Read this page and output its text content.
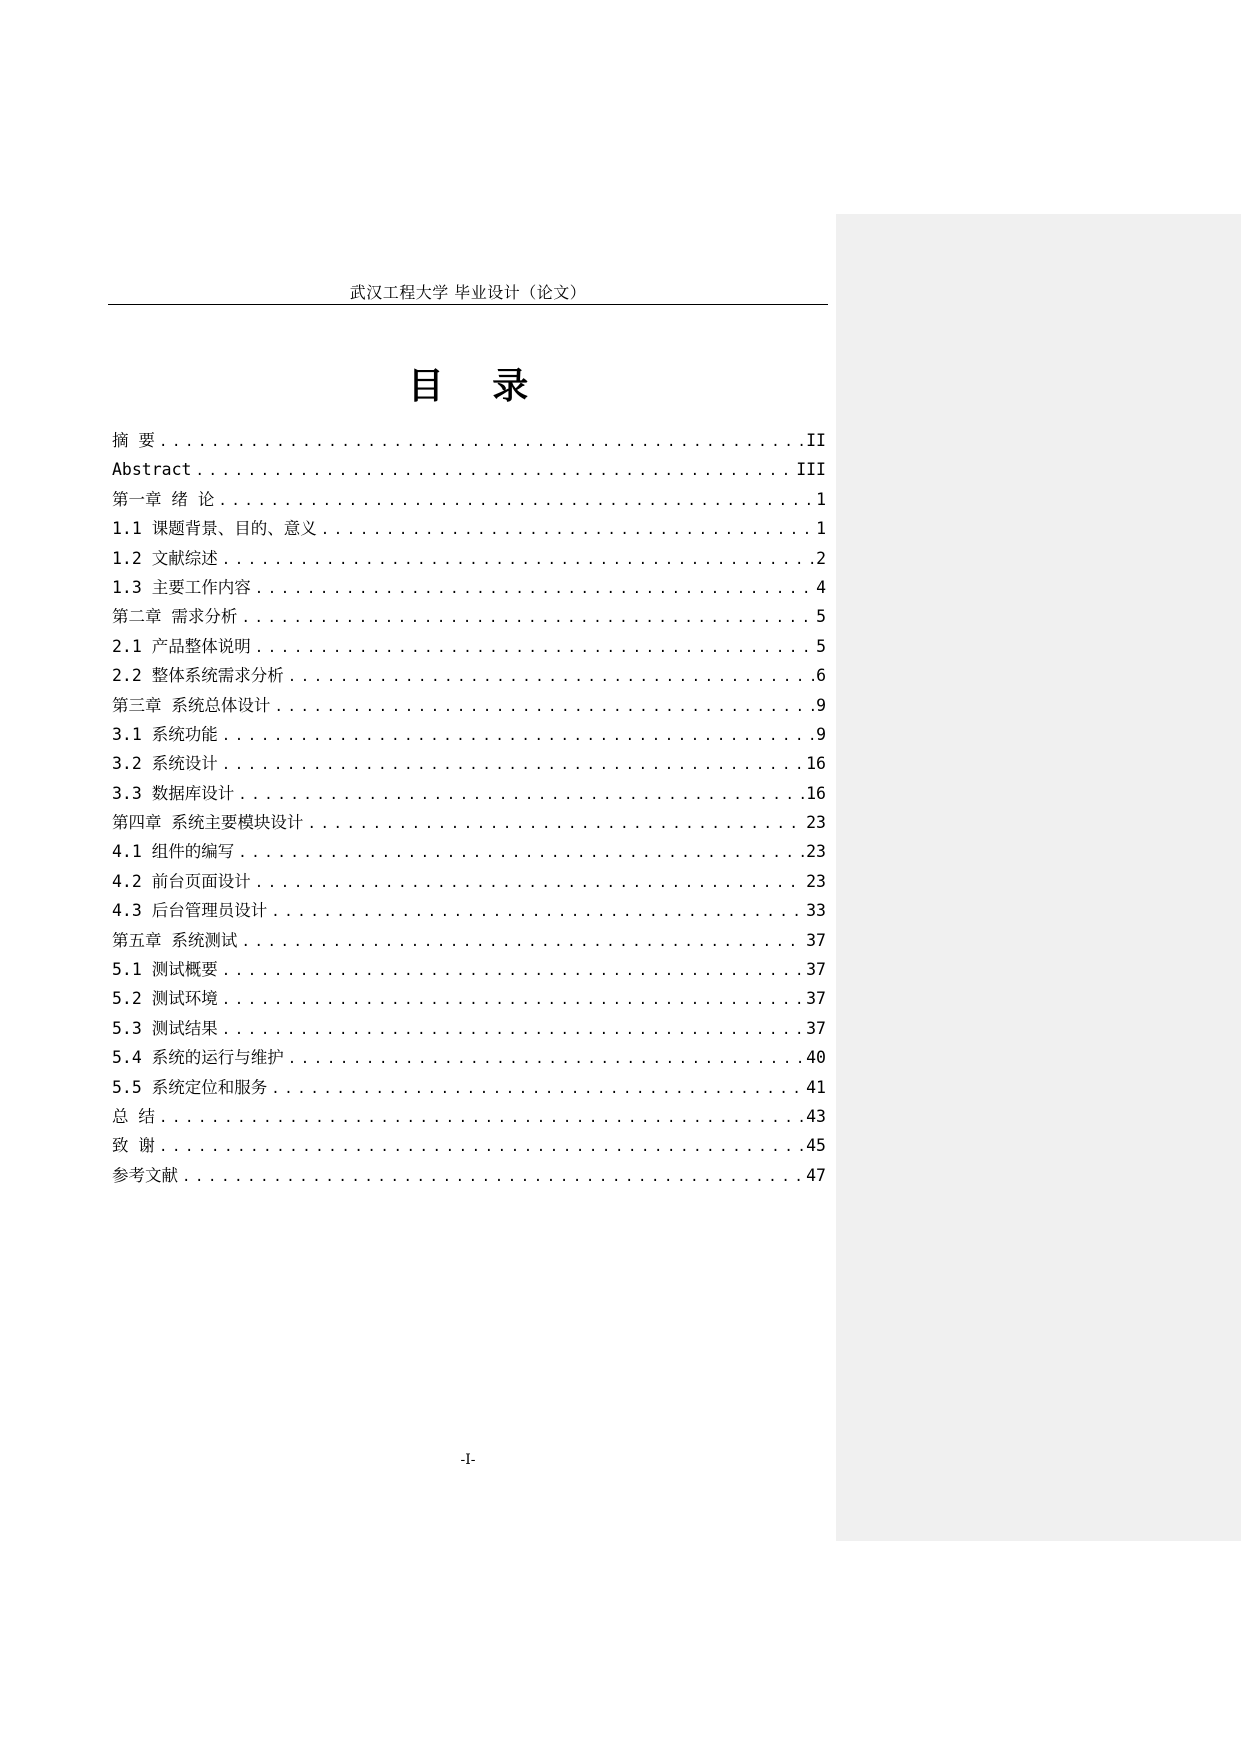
武汉工程大学 毕业设计（论文）
目 录
摘 要 .....	II
Abstract .....	III
第一章 绪 论 .....	1
1.1 课题背景、目的、意义 .....	1
1.2 文献综述 .....	2
1.3 主要工作内容 .....	4
第二章 需求分析 .....	5
2.1 产品整体说明 .....	5
2.2 整体系统需求分析 .....	6
第三章 系统总体设计 .....	9
3.1 系统功能 .....	9
3.2 系统设计 .....	16
3.3 数据库设计 .....	16
第四章 系统主要模块设计 .....	23
4.1 组件的编写 .....	23
4.2 前台页面设计 .....	23
4.3 后台管理员设计 .....	33
第五章 系统测试 .....	37
5.1 测试概要 .....	37
5.2 测试环境 .....	37
5.3 测试结果 .....	37
5.4 系统的运行与维护 .....	40
5.5 系统定位和服务 .....	41
总 结 .....	43
致 谢 .....	45
参考文献 .....	47
-I-
